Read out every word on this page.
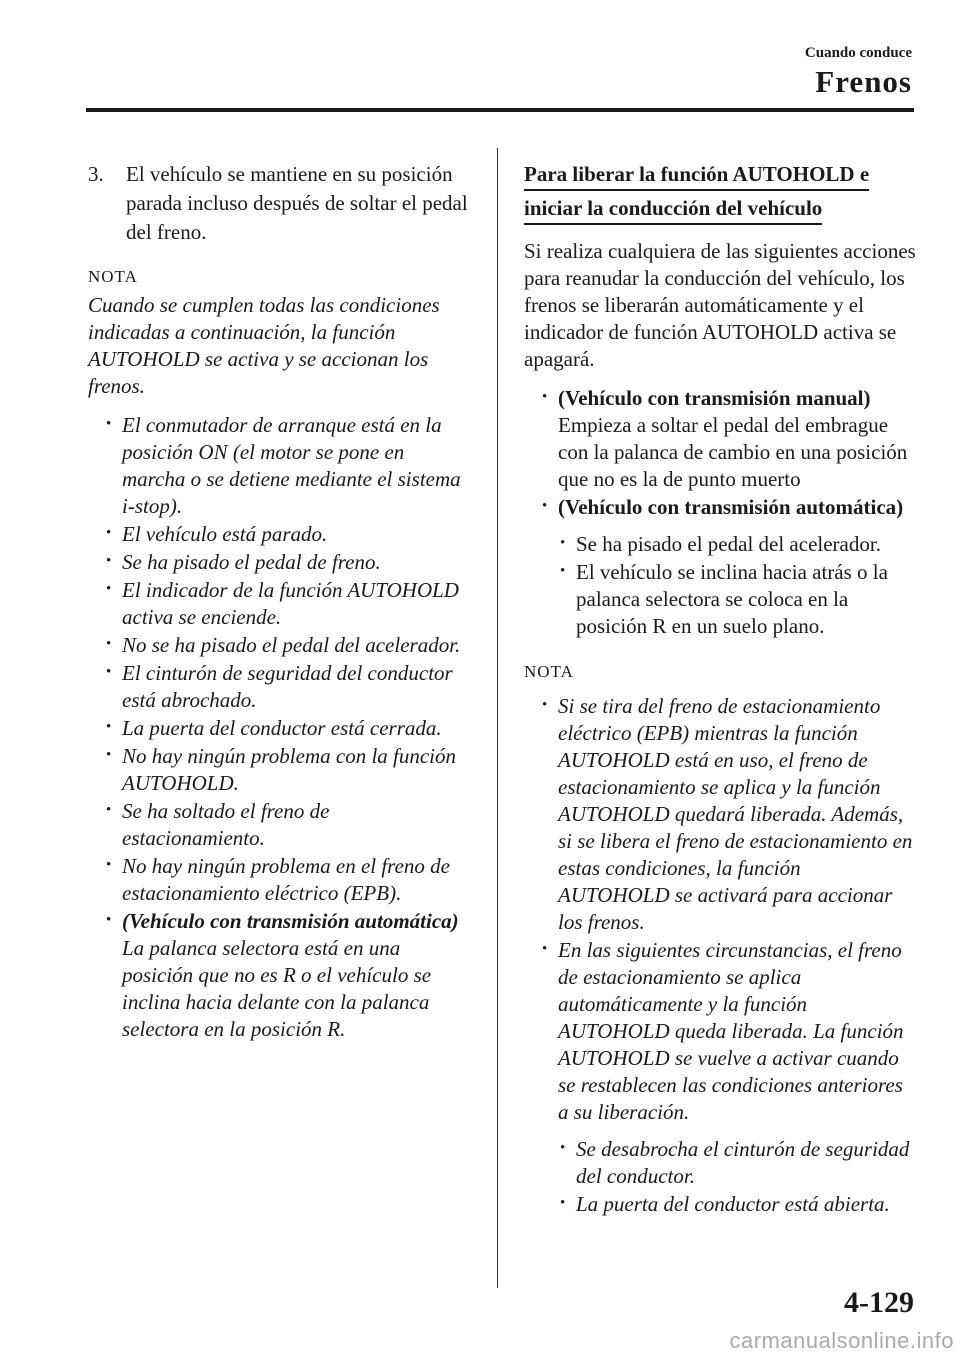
Cuando conduce
Frenos
3. El vehículo se mantiene en su posición parada incluso después de soltar el pedal del freno.
NOTA
Cuando se cumplen todas las condiciones indicadas a continuación, la función AUTOHOLD se activa y se accionan los frenos.
• El conmutador de arranque está en la posición ON (el motor se pone en marcha o se detiene mediante el sistema i-stop).
• El vehículo está parado.
• Se ha pisado el pedal de freno.
• El indicador de la función AUTOHOLD activa se enciende.
• No se ha pisado el pedal del acelerador.
• El cinturón de seguridad del conductor está abrochado.
• La puerta del conductor está cerrada.
• No hay ningún problema con la función AUTOHOLD.
• Se ha soltado el freno de estacionamiento.
• No hay ningún problema en el freno de estacionamiento eléctrico (EPB).
• (Vehículo con transmisión automática)
La palanca selectora está en una posición que no es R o el vehículo se inclina hacia delante con la palanca selectora en la posición R.
Para liberar la función AUTOHOLD e
iniciar la conducción del vehículo
Si realiza cualquiera de las siguientes acciones para reanudar la conducción del vehículo, los frenos se liberarán automáticamente y el indicador de función AUTOHOLD activa se apagará.
• (Vehículo con transmisión manual)
Empieza a soltar el pedal del embrague con la palanca de cambio en una posición que no es la de punto muerto
• (Vehículo con transmisión automática)
• Se ha pisado el pedal del acelerador.
• El vehículo se inclina hacia atrás o la palanca selectora se coloca en la posición R en un suelo plano.
NOTA
• Si se tira del freno de estacionamiento eléctrico (EPB) mientras la función AUTOHOLD está en uso, el freno de estacionamiento se aplica y la función AUTOHOLD quedará liberada. Además, si se libera el freno de estacionamiento en estas condiciones, la función AUTOHOLD se activará para accionar los frenos.
• En las siguientes circunstancias, el freno de estacionamiento se aplica automáticamente y la función AUTOHOLD queda liberada. La función AUTOHOLD se vuelve a activar cuando se restablecen las condiciones anteriores a su liberación.
• Se desabrocha el cinturón de seguridad del conductor.
• La puerta del conductor está abierta.
4-129
carmanualsonline.info
